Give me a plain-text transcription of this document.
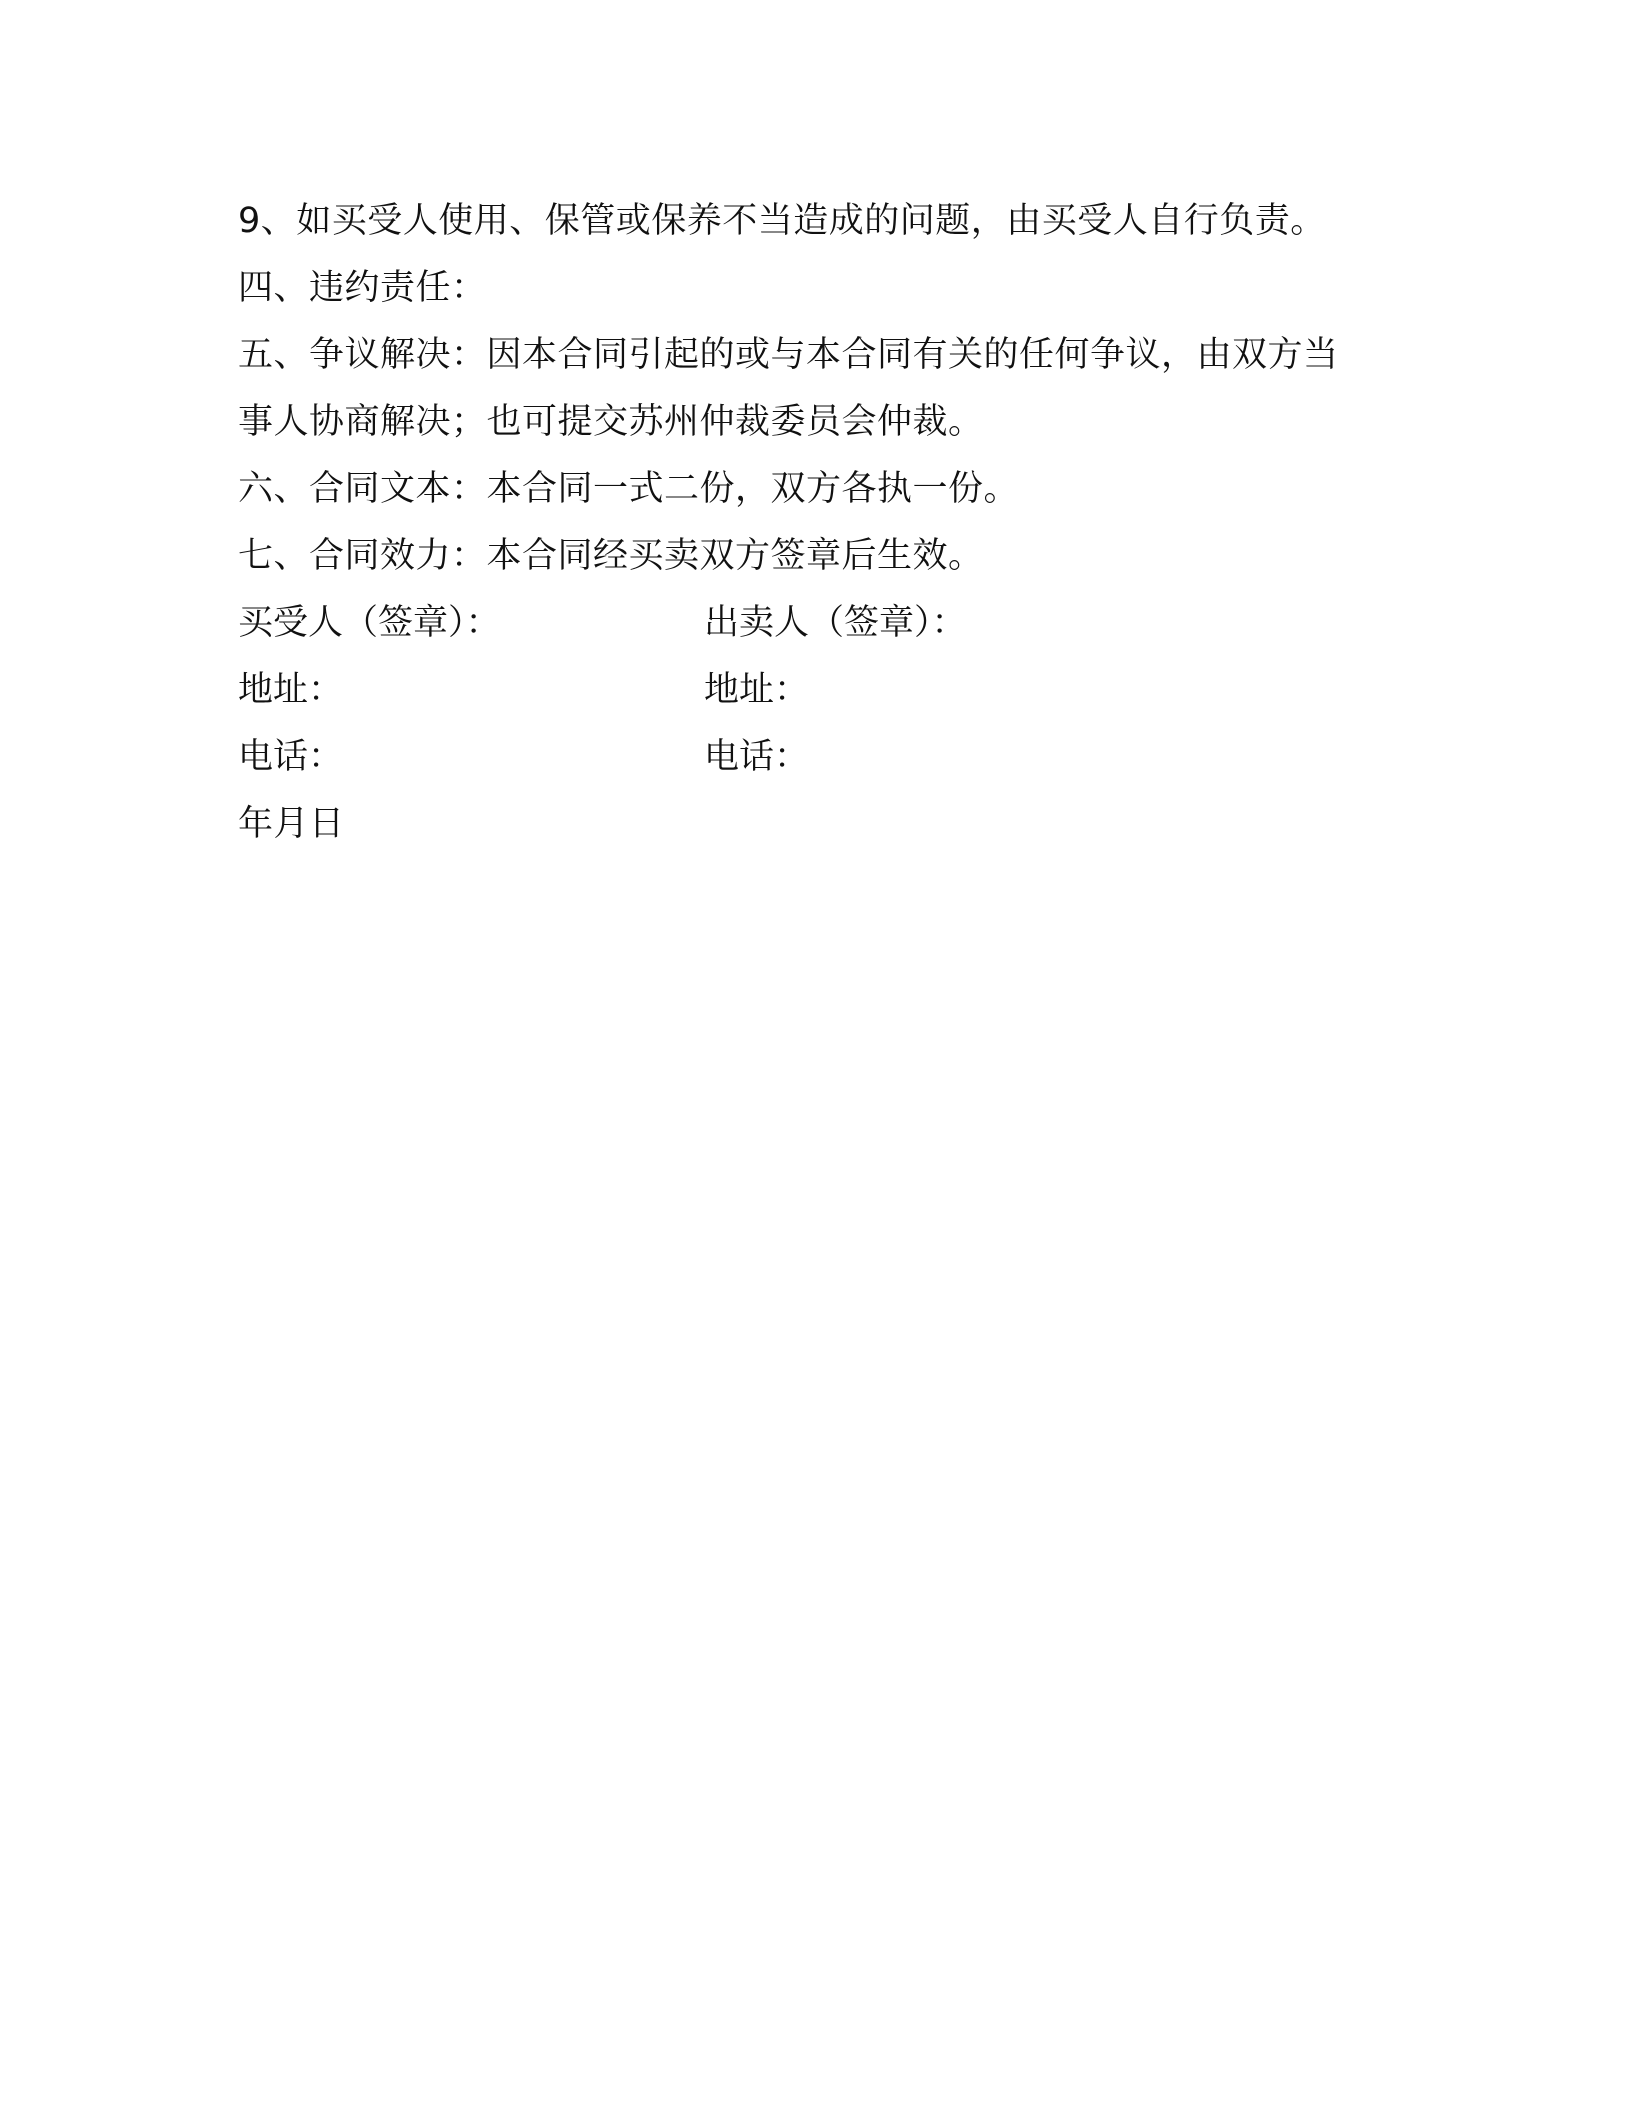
9、如买受人使用、保管或保养不当造成的问题，由买受人自行负责。
四、违约责任：
五、争议解决：因本合同引起的或与本合同有关的任何争议，由双方当
事人协商解决；也可提交苏州仲裁委员会仲裁。
六、合同文本：本合同一式二份，双方各执一份。
七、合同效力：本合同经买卖双方签章后生效。
买受人（签章）：	出卖人（签章）：
地址：	地址：
电话：	电话：
年月日
